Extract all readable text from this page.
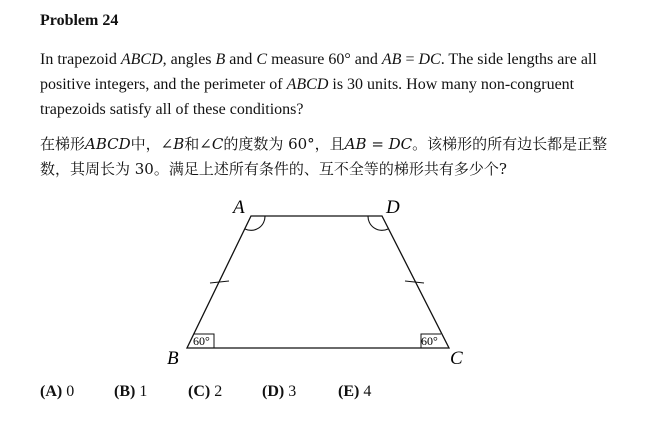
Problem 24
In trapezoid ABCD, angles B and C measure 60° and AB = DC. The side lengths are all positive integers, and the perimeter of ABCD is 30 units. How many non-congruent trapezoids satisfy all of these conditions?
在梯形ABCD中，∠B和∠C的度数为 60°，且AB = DC。该梯形的所有边长都是正整数，其周长为 30。满足上述所有条件的、互不全等的梯形共有多少个?
60°	60°
A	D
B	C
(A) 0 (B) 1	(C) 2 (D) 3	(E) 4
